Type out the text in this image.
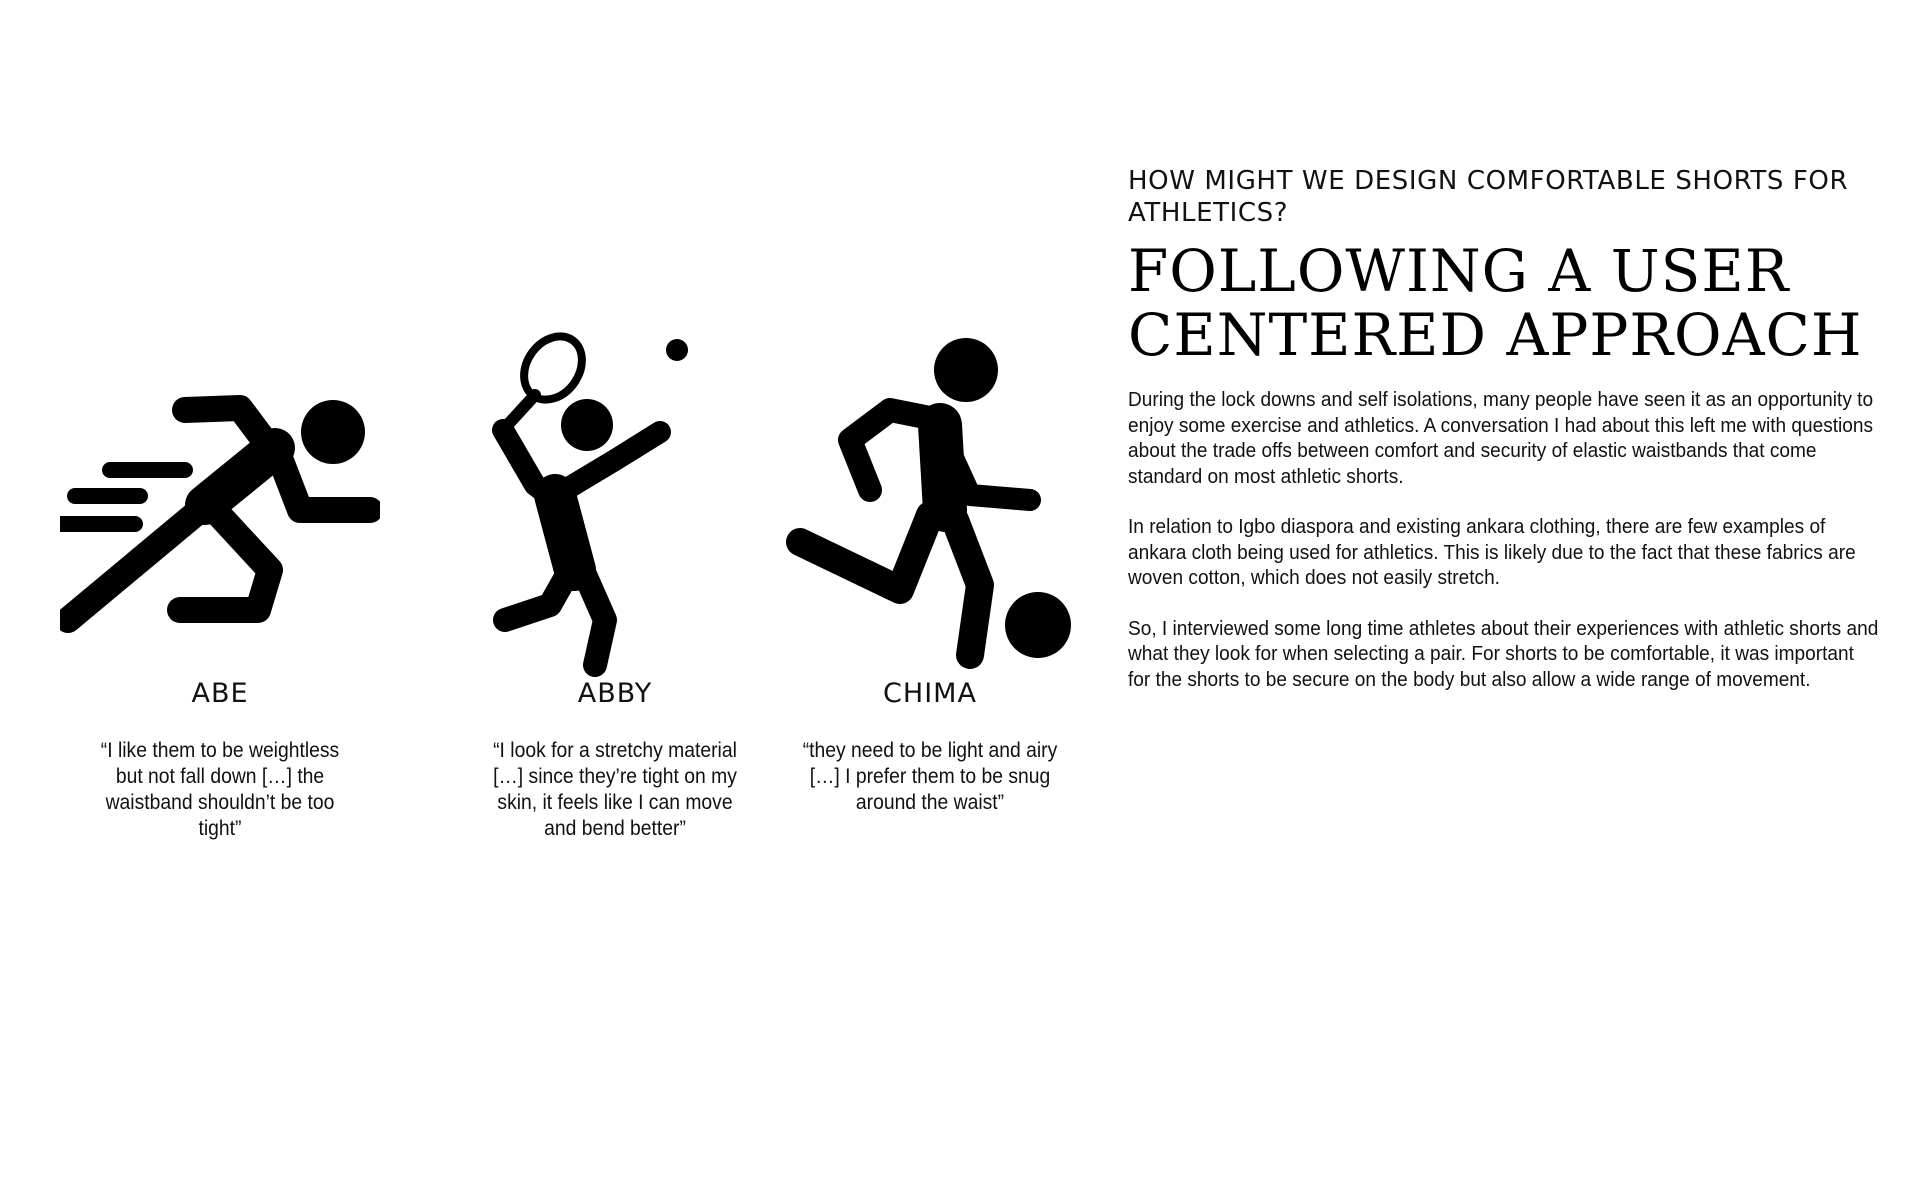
ABE
“I like them to be weightless but not fall down […] the waistband shouldn’t be too tight”
ABBY
“I look for a stretchy material […] since they’re tight on my skin, it feels like I can move and bend better”
CHIMA
“they need to be light and airy […] I prefer them to be snug around the waist”
HOW MIGHT WE DESIGN COMFORTABLE SHORTS FOR ATHLETICS?
FOLLOWING A USER CENTERED APPROACH

During the lock downs and self isolations, many people have seen it as an opportunity to enjoy some exercise and athletics. A conversation I had about this left me with questions about the trade offs between comfort and security of elastic waistbands that come standard on most athletic shorts.

In relation to Igbo diaspora and existing ankara clothing, there are few examples of ankara cloth being used for athletics. This is likely due to the fact that these fabrics are woven cotton, which does not easily stretch.

So, I interviewed some long time athletes about their experiences with athletic shorts and what they look for when selecting a pair. For shorts to be comfortable, it was important for the shorts to be secure on the body but also allow a wide range of movement.
